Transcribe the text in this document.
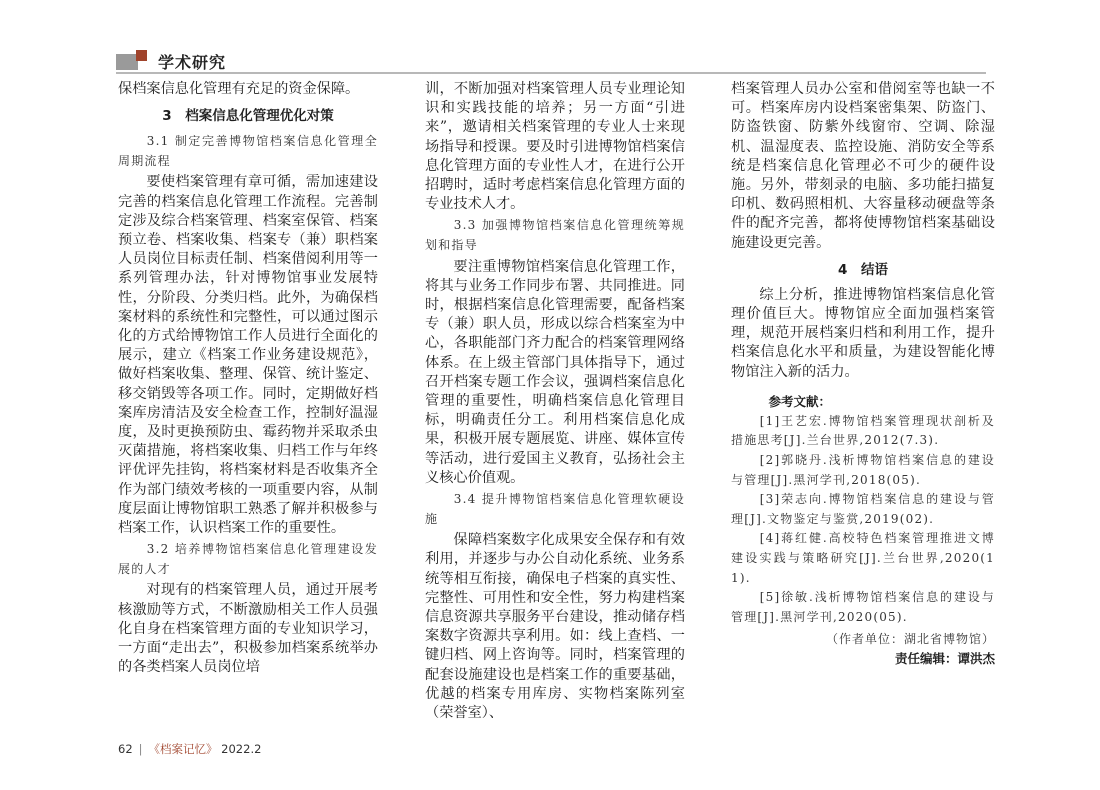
学术研究

保档案信息化管理有充足的资金保障。

3　档案信息化管理优化对策
3.1 制定完善博物馆档案信息化管理全周期流程

要使档案管理有章可循，需加速建设完善的档案信息化管理工作流程。完善制定涉及综合档案管理、档案室保管、档案预立卷、档案收集、档案专（兼）职档案人员岗位目标责任制、档案借阅利用等一系列管理办法，针对博物馆事业发展特性，分阶段、分类归档。此外，为确保档案材料的系统性和完整性，可以通过图示化的方式给博物馆工作人员进行全面化的展示，建立《档案工作业务建设规范》，做好档案收集、整理、保管、统计鉴定、移交销毁等各项工作。同时，定期做好档案库房清洁及安全检查工作，控制好温湿度，及时更换预防虫、霉药物并采取杀虫灭菌措施，将档案收集、归档工作与年终评优评先挂钩，将档案材料是否收集齐全作为部门绩效考核的一项重要内容，从制度层面让博物馆职工熟悉了解并积极参与档案工作，认识档案工作的重要性。

3.2 培养博物馆档案信息化管理建设发展的人才

对现有的档案管理人员，通过开展考核激励等方式，不断激励相关工作人员强化自身在档案管理方面的专业知识学习，一方面“走出去”，积极参加档案系统举办的各类档案人员岗位培

训，不断加强对档案管理人员专业理论知识和实践技能的培养；另一方面“引进来”，邀请相关档案管理的专业人士来现场指导和授课。要及时引进博物馆档案信息化管理方面的专业性人才，在进行公开招聘时，适时考虑档案信息化管理方面的专业技术人才。

3.3 加强博物馆档案信息化管理统筹规划和指导

要注重博物馆档案信息化管理工作，将其与业务工作同步布署、共同推进。同时，根据档案信息化管理需要，配备档案专（兼）职人员，形成以综合档案室为中心，各职能部门齐力配合的档案管理网络体系。在上级主管部门具体指导下，通过召开档案专题工作会议，强调档案信息化管理的重要性，明确档案信息化管理目标，明确责任分工。利用档案信息化成果，积极开展专题展览、讲座、媒体宣传等活动，进行爱国主义教育，弘扬社会主义核心价值观。

3.4 提升博物馆档案信息化管理软硬设施

保障档案数字化成果安全保存和有效利用，并逐步与办公自动化系统、业务系统等相互衔接，确保电子档案的真实性、完整性、可用性和安全性，努力构建档案信息资源共享服务平台建设，推动储存档案数字资源共享利用。如：线上查档、一键归档、网上咨询等。同时，档案管理的配套设施建设也是档案工作的重要基础，优越的档案专用库房、实物档案陈列室（荣誉室）、

档案管理人员办公室和借阅室等也缺一不可。档案库房内设档案密集架、防盗门、防盗铁窗、防紫外线窗帘、空调、除湿机、温湿度表、监控设施、消防安全等系统是档案信息化管理必不可少的硬件设施。另外，带刻录的电脑、多功能扫描复印机、数码照相机、大容量移动硬盘等条件的配齐完善，都将使博物馆档案基础设施建设更完善。

4　结语

综上分析，推进博物馆档案信息化管理价值巨大。博物馆应全面加强档案管理，规范开展档案归档和利用工作，提升档案信息化水平和质量，为建设智能化博物馆注入新的活力。

参考文献：

[1]王艺宏.博物馆档案管理现状剖析及措施思考[J].兰台世界,2012(7.3).

[2]郭晓丹.浅析博物馆档案信息的建设与管理[J].黑河学刊,2018(05).

[3]荣志向.博物馆档案信息的建设与管理[J].文物鉴定与鉴赏,2019(02).

[4]蒋红健.高校特色档案管理推进文博建设实践与策略研究[J].兰台世界,2020(11).

[5]徐敏.浅析博物馆档案信息的建设与管理[J].黑河学刊,2020(05).

（作者单位：湖北省博物馆）

责任编辑：谭洪杰

62 | 《档案记忆》 2022.2
